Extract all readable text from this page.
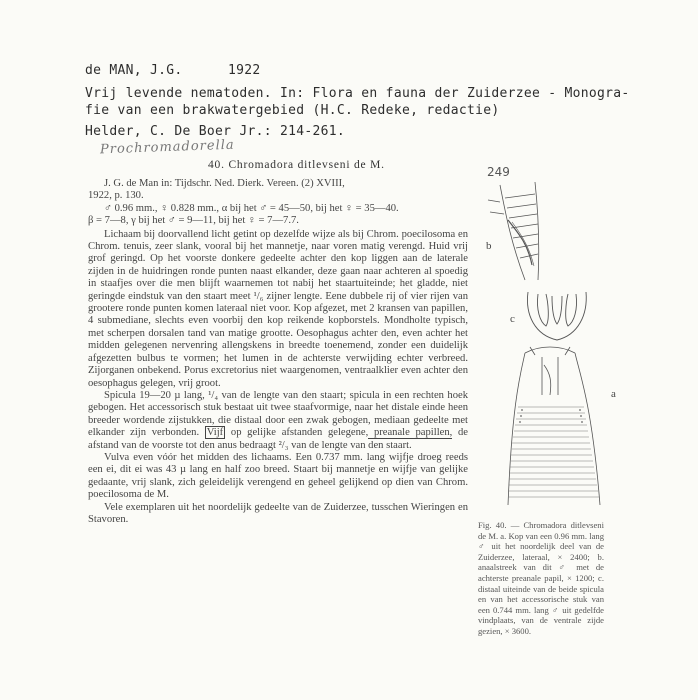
de MAN, J.G.	1922
Vrij levende nematoden. In: Flora en fauna der Zuiderzee - Monogra-
fie van een brakwatergebied (H.C. Redeke, redactie)
Helder, C. De Boer Jr.: 214-261.
Prochromadorella
249
40. Chromadora ditlevseni de M.

J. G. de Man in: Tijdschr. Ned. Dierk. Vereen. (2) XVIII,

1922, p. 130.

♂ 0.96 mm., ♀ 0.828 mm., α bij het ♂ = 45—50, bij het ♀ = 35—40.

β = 7—8, γ bij het ♂ = 9—11, bij het ♀ = 7—7.7.

Lichaam bij doorvallend licht getint op dezelfde wijze als bij Chrom. poecilosoma en Chrom. tenuis, zeer slank, vooral bij het mannetje, naar voren matig verengd. Huid vrij grof geringd. Op het voorste donkere gedeelte achter den kop liggen aan de laterale zijden in de huidringen ronde punten naast elkander, deze gaan naar achteren al spoedig in staafjes over die men blijft waarnemen tot nabij het staartuiteinde; het gladde, niet geringde eindstuk van den staart meet ¹/₆ zijner lengte. Eene dubbele rij of vier rijen van grootere ronde punten komen lateraal niet voor. Kop afgezet, met 2 kransen van papillen, 4 submediane, slechts even voorbij den kop reikende kopborstels. Mondholte typisch, met scherpen dorsalen tand van matige grootte. Oesophagus achter den, even achter het midden gelegenen nervenring allengskens in breedte toenemend, zonder een duidelijk afgezetten bulbus te vormen; het lumen in de achterste verwijding echter verbreed. Zijorganen onbekend. Porus excretorius niet waargenomen, ventraalklier even achter den oesophagus gelegen, vrij groot.

Spicula 19—20 µ lang, ¹/₄ van de lengte van den staart; spicula in een rechten hoek gebogen. Het accessorisch stuk bestaat uit twee staafvormige, naar het distale einde heen breeder wordende zijstukken, die distaal door een zwak gebogen, mediaan gedeelte met elkander zijn verbonden. Vijf op gelijke afstanden gelegene, preanale papillen, de afstand van de voorste tot den anus bedraagt ²/₃ van de lengte van den staart.

Vulva even vóór het midden des lichaams. Een 0.737 mm. lang wijfje droeg reeds een ei, dit ei was 43 µ lang en half zoo breed. Staart bij mannetje en wijfje van gelijke gedaante, vrij slank, zich geleidelijk verengend en geheel gelijkend op dien van Chrom. poecilosoma de M.

Vele exemplaren uit het noordelijk gedeelte van de Zuiderzee, tusschen Wieringen en Stavoren.

b
c
a

Fig. 40. — Chromadora ditlevseni de M. a. Kop van een 0.96 mm. lang ♂ uit het noordelijk deel van de Zuiderzee, lateraal, × 2400; b. anaalstreek van dit ♂ met de achterste preanale papil, × 1200; c. distaal uiteinde van de beide spicula en van het accessorische stuk van een 0.744 mm. lang ♂ uit gedelfde vindplaats, van de ventrale zijde gezien, × 3600.
